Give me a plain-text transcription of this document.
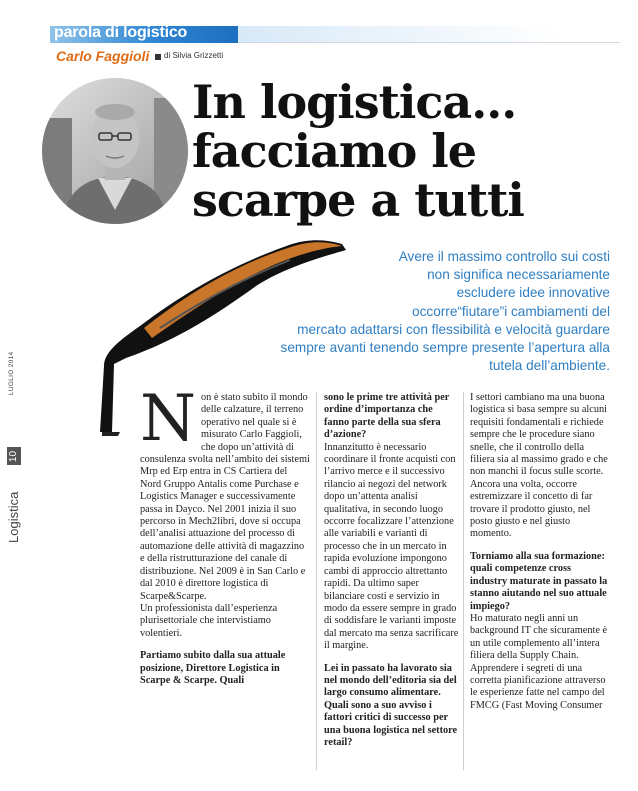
parola di logistico
Carlo Faggioli di Silvia Grizzetti
In logistica...
facciamo le
scarpe a tutti
Avere il massimo controllo sui costi
non significa necessariamente
escludere idee innovative
occorre“fiutare”i cambiamenti del
mercato adattarsi con flessibilità e velocità guardare
sempre avanti tenendo sempre presente l’apertura alla
tutela dell’ambiente.
Logistica
10
LUGLIO 2014

Non è stato subito il mondo delle calzature, il terreno operativo nel quale si è misurato Carlo Faggioli, che dopo un’attività di consulenza svolta nell’ambito dei sistemi Mrp ed Erp entra in CS Cartiera del Nord Gruppo Antalis come Purchase e Logistics Manager e successivamente passa in Dayco. Nel 2001 inizia il suo percorso in Mech2libri, dove si occupa dell’analisi attuazione del processo di automazione delle attività di magazzino e della ristrutturazione del canale di distribuzione. Nel 2009 è in San Carlo e dal 2010 è direttore logistica di Scarpe&Scarpe.
Un professionista dall’esperienza plurisettoriale che intervistiamo volentieri.

Partiamo subito dalla sua attuale posizione, Direttore Logistica in Scarpe & Scarpe. Quali

sono le prime tre attività per ordine d’importanza che fanno parte della sua sfera d’azione?

Innanzitutto è necessario coordinare il fronte acquisti con l’arrivo merce e il successivo rilancio ai negozi del network dopo un’attenta analisi qualitativa, in secondo luogo occorre focalizzare l’attenzione alle variabili e varianti di processo che in un mercato in rapida evoluzione impongono cambi di approccio altrettanto rapidi. Da ultimo saper bilanciare costi e servizio in modo da essere sempre in grado di soddisfare le varianti imposte dal mercato ma senza sacrificare il margine.

Lei in passato ha lavorato sia nel mondo dell’editoria sia del largo consumo alimentare. Quali sono a suo avviso i fattori critici di successo per una buona logistica nel settore retail?

I settori cambiano ma una buona logistica si basa sempre su alcuni requisiti fondamentali e richiede sempre che le procedure siano snelle, che il controllo della filiera sia al massimo grado e che non manchi il focus sulle scorte.

Ancora una volta, occorre estremizzare il concetto di far trovare il prodotto giusto, nel posto giusto e nel giusto momento.

Torniamo alla sua formazione: quali competenze cross industry maturate in passato la stanno aiutando nel suo attuale impiego?

Ho maturato negli anni un background IT che sicuramente è un utile complemento all’intera filiera della Supply Chain. Apprendere i segreti di una corretta pianificazione attraverso le esperienze fatte nel campo del FMCG (Fast Moving Consumer
